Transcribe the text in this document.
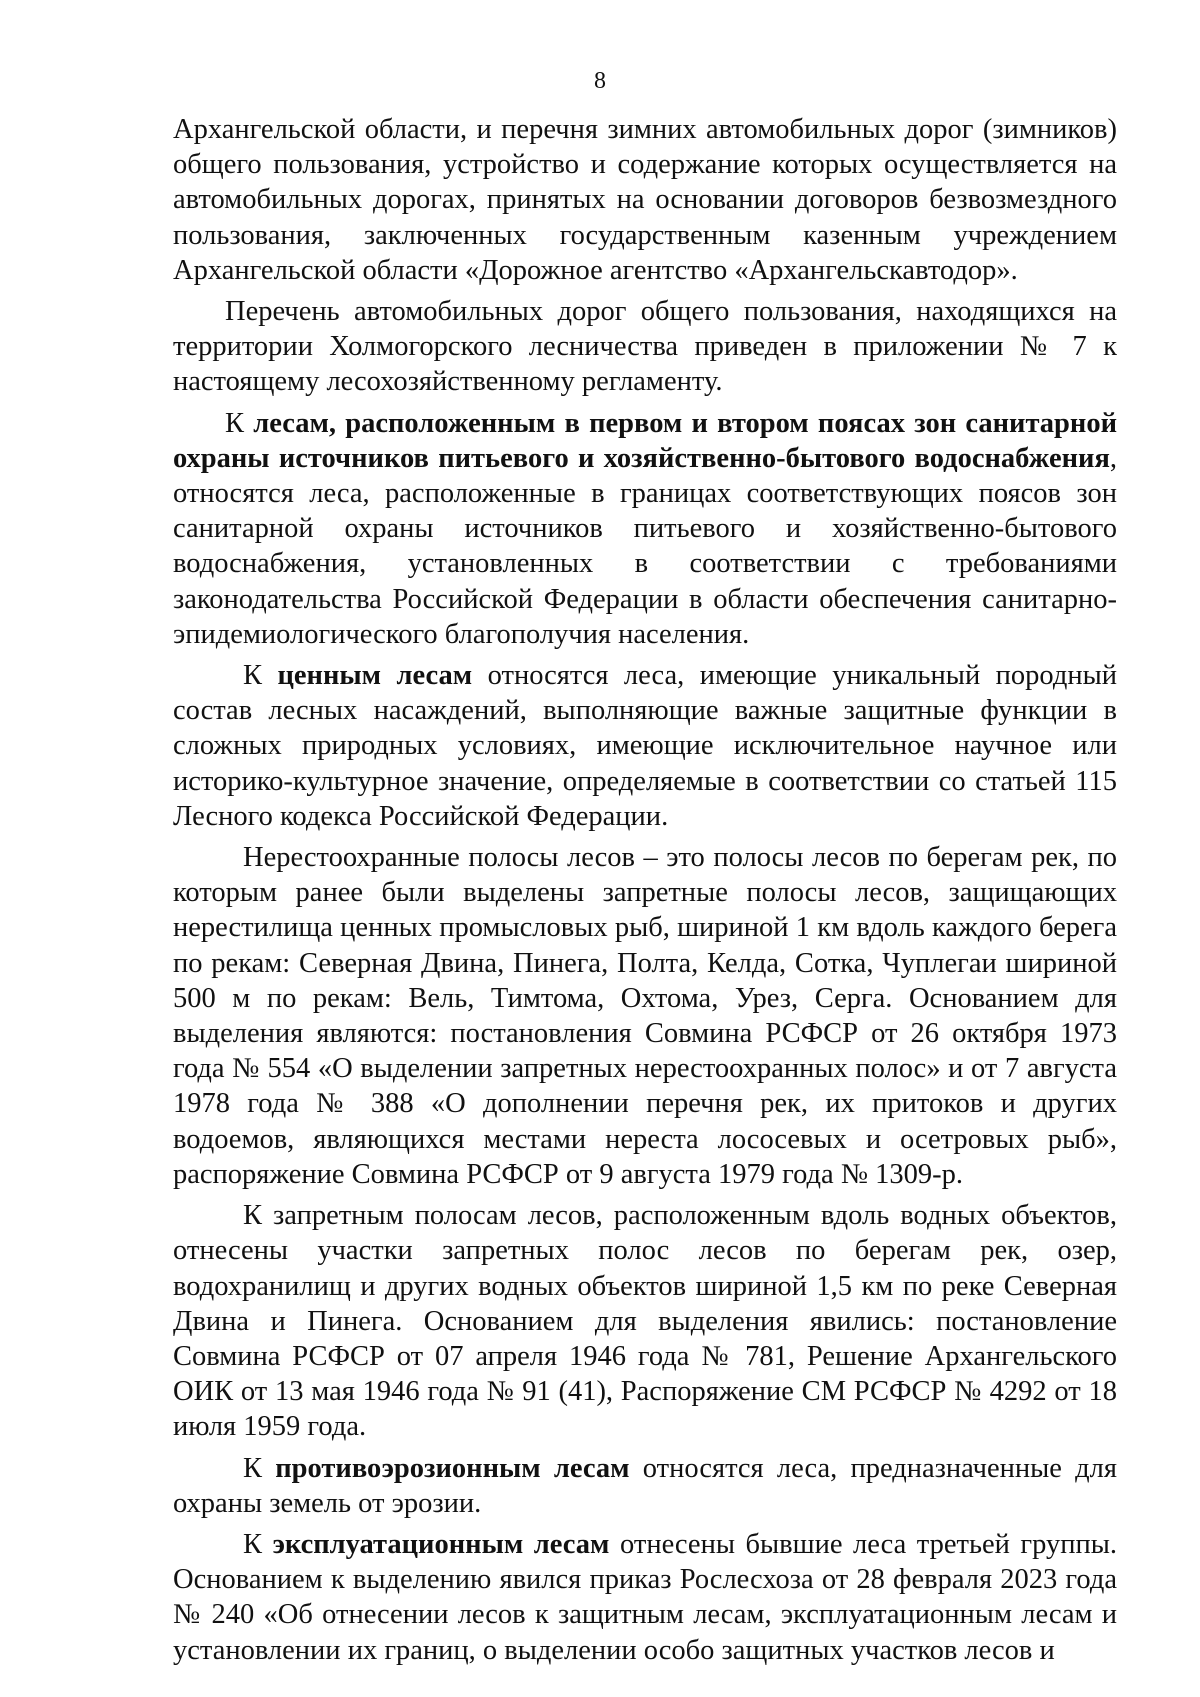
8

Архангельской области, и перечня зимних автомобильных дорог (зимников) общего пользования, устройство и содержание которых осуществляется на автомобильных дорогах, принятых на основании договоров безвозмездного пользования, заключенных государственным казенным учреждением Архангельской области «Дорожное агентство «Архангельскавтодор».

Перечень автомобильных дорог общего пользования, находящихся на территории Холмогорского лесничества приведен в приложении № 7 к настоящему лесохозяйственному регламенту.

К лесам, расположенным в первом и втором поясах зон санитарной охраны источников питьевого и хозяйственно-бытового водоснабжения, относятся леса, расположенные в границах соответствующих поясов зон санитарной охраны источников питьевого и хозяйственно-бытового водоснабжения, установленных в соответствии с требованиями законодательства Российской Федерации в области обеспечения санитарно-эпидемиологического благополучия населения.

К ценным лесам относятся леса, имеющие уникальный породный состав лесных насаждений, выполняющие важные защитные функции в сложных природных условиях, имеющие исключительное научное или историко-культурное значение, определяемые в соответствии со статьей 115 Лесного кодекса Российской Федерации.

Нерестоохранные полосы лесов – это полосы лесов по берегам рек, по которым ранее были выделены запретные полосы лесов, защищающих нерестилища ценных промысловых рыб, шириной 1 км вдоль каждого берега по рекам: Северная Двина, Пинега, Полта, Келда, Сотка, Чуплегаи шириной 500 м по рекам: Вель, Тимтома, Охтома, Урез, Серга. Основанием для выделения являются: постановления Совмина РСФСР от 26 октября 1973 года № 554 «О выделении запретных нерестоохранных полос» и от 7 августа 1978 года № 388 «О дополнении перечня рек, их притоков и других водоемов, являющихся местами нереста лососевых и осетровых рыб», распоряжение Совмина РСФСР от 9 августа 1979 года № 1309-р.

К запретным полосам лесов, расположенным вдоль водных объектов, отнесены участки запретных полос лесов по берегам рек, озер, водохранилищ и других водных объектов шириной 1,5 км по реке Северная Двина и Пинега. Основанием для выделения явились: постановление Совмина РСФСР от 07 апреля 1946 года № 781, Решение Архангельского ОИК от 13 мая 1946 года № 91 (41), Распоряжение СМ РСФСР № 4292 от 18 июля 1959 года.

К противоэрозионным лесам относятся леса, предназначенные для охраны земель от эрозии.

К эксплуатационным лесам отнесены бывшие леса третьей группы. Основанием к выделению явился приказ Рослесхоза от 28 февраля 2023 года № 240 «Об отнесении лесов к защитным лесам, эксплуатационным лесам и установлении их границ, о выделении особо защитных участков лесов и
